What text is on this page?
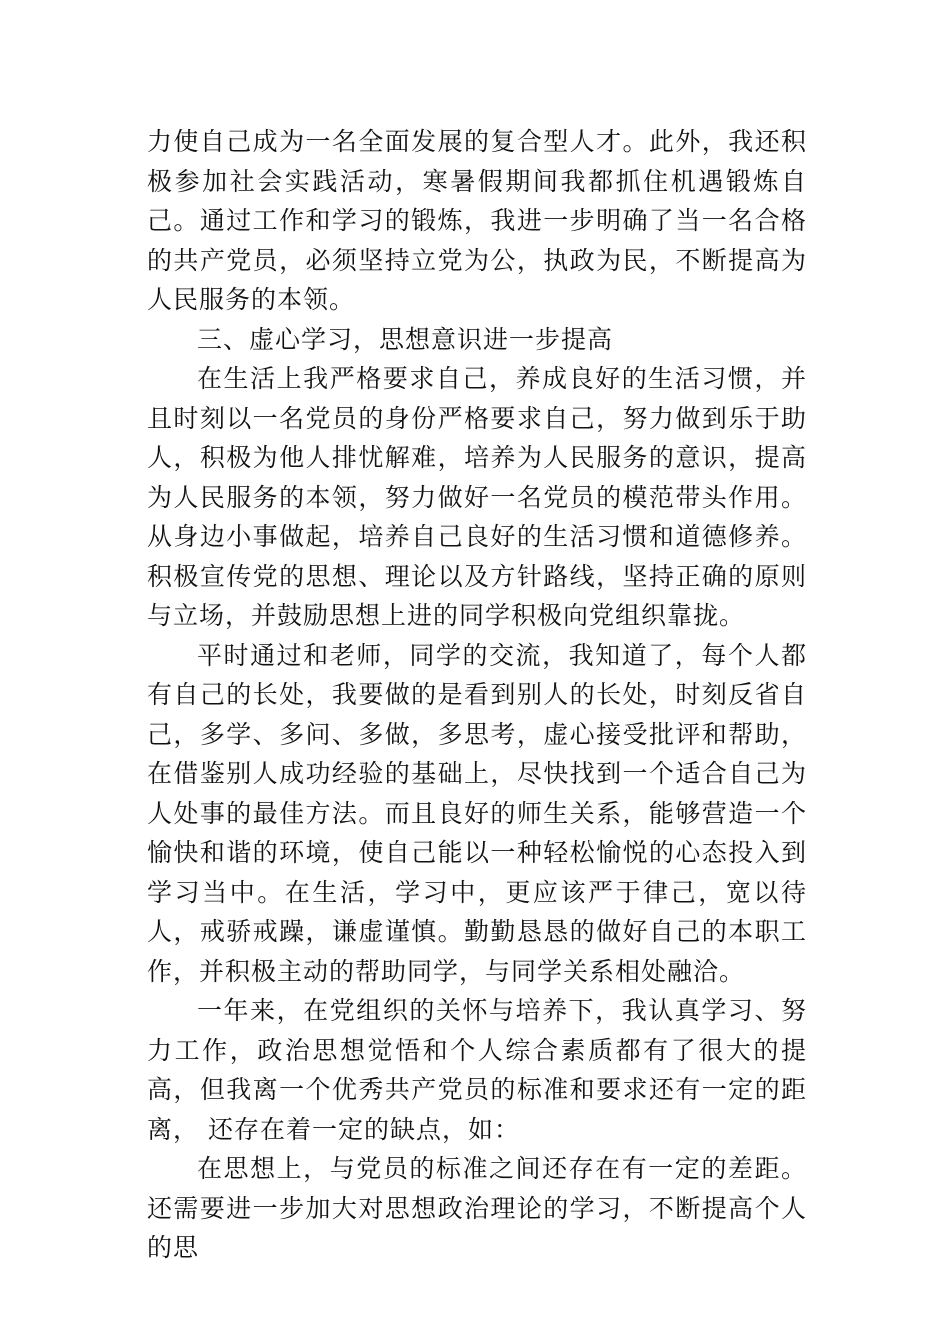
力使自己成为一名全面发展的复合型人才。此外，我还积极参加社会实践活动，寒暑假期间我都抓住机遇锻炼自己。通过工作和学习的锻炼，我进一步明确了当一名合格的共产党员，必须坚持立党为公，执政为民，不断提高为人民服务的本领。

三、虚心学习，思想意识进一步提高

在生活上我严格要求自己，养成良好的生活习惯，并且时刻以一名党员的身份严格要求自己，努力做到乐于助人，积极为他人排忧解难，培养为人民服务的意识，提高为人民服务的本领，努力做好一名党员的模范带头作用。从身边小事做起，培养自己良好的生活习惯和道德修养。积极宣传党的思想、理论以及方针路线，坚持正确的原则与立场，并鼓励思想上进的同学积极向党组织靠拢。

平时通过和老师，同学的交流，我知道了，每个人都有自己的长处，我要做的是看到别人的长处，时刻反省自己，多学、多问、多做，多思考，虚心接受批评和帮助，在借鉴别人成功经验的基础上，尽快找到一个适合自己为人处事的最佳方法。而且良好的师生关系，能够营造一个愉快和谐的环境，使自己能以一种轻松愉悦的心态投入到学习当中。在生活，学习中，更应该严于律己，宽以待人，戒骄戒躁，谦虚谨慎。勤勤恳恳的做好自己的本职工作，并积极主动的帮助同学，与同学关系相处融洽。

一年来，在党组织的关怀与培养下，我认真学习、努力工作，政治思想觉悟和个人综合素质都有了很大的提高，但我离一个优秀共产党员的标准和要求还有一定的距离， 还存在着一定的缺点，如：

在思想上，与党员的标准之间还存在有一定的差距。还需要进一步加大对思想政治理论的学习，不断提高个人的思
